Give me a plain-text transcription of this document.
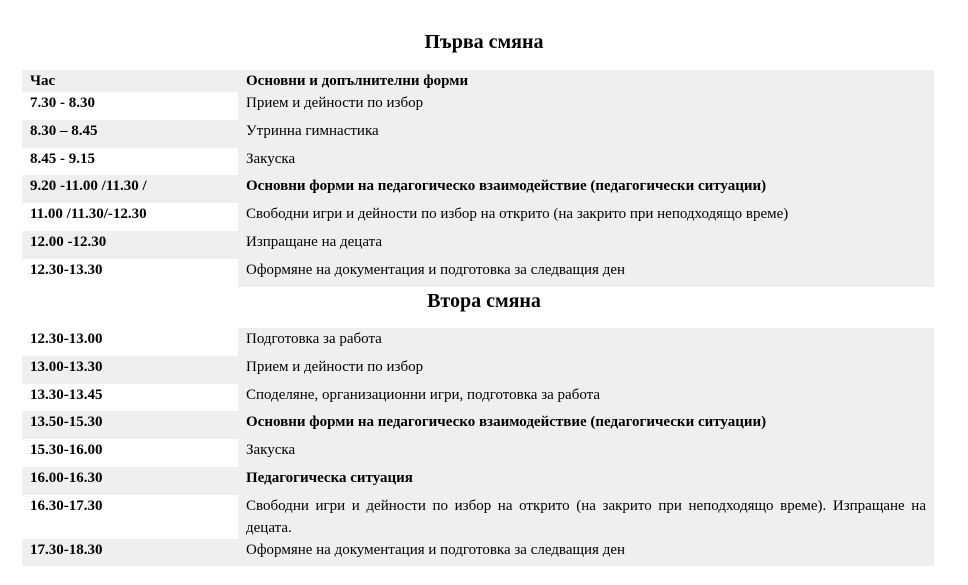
Първа смяна
Час	Основни и допълнителни форми
7.30 - 8.30	Прием и дейности по избор
8.30 – 8.45	Утринна гимнастика
8.45 - 9.15	Закуска
9.20 -11.00 /11.30 /	Основни форми на педагогическо взаимодействие (педагогически ситуации)
11.00 /11.30/-12.30	Свободни игри и дейности по избор на открито (на закрито при неподходящо време)
12.00 -12.30	Изпращане на децата
12.30-13.30	Оформяне на документация и подготовка за следващия ден
Втора смяна
12.30-13.00	Подготовка за работа
13.00-13.30	Прием и дейности по избор
13.30-13.45	Споделяне, организационни игри, подготовка за работа
13.50-15.30	Основни форми на педагогическо взаимодействие (педагогически ситуации)
15.30-16.00	Закуска
16.00-16.30	Педагогическа ситуация
16.30-17.30	Свободни игри и дейности по избор на открито (на закрито при неподходящо време). Изпращане на децата.
17.30-18.30	Оформяне на документация и подготовка за следващия ден
